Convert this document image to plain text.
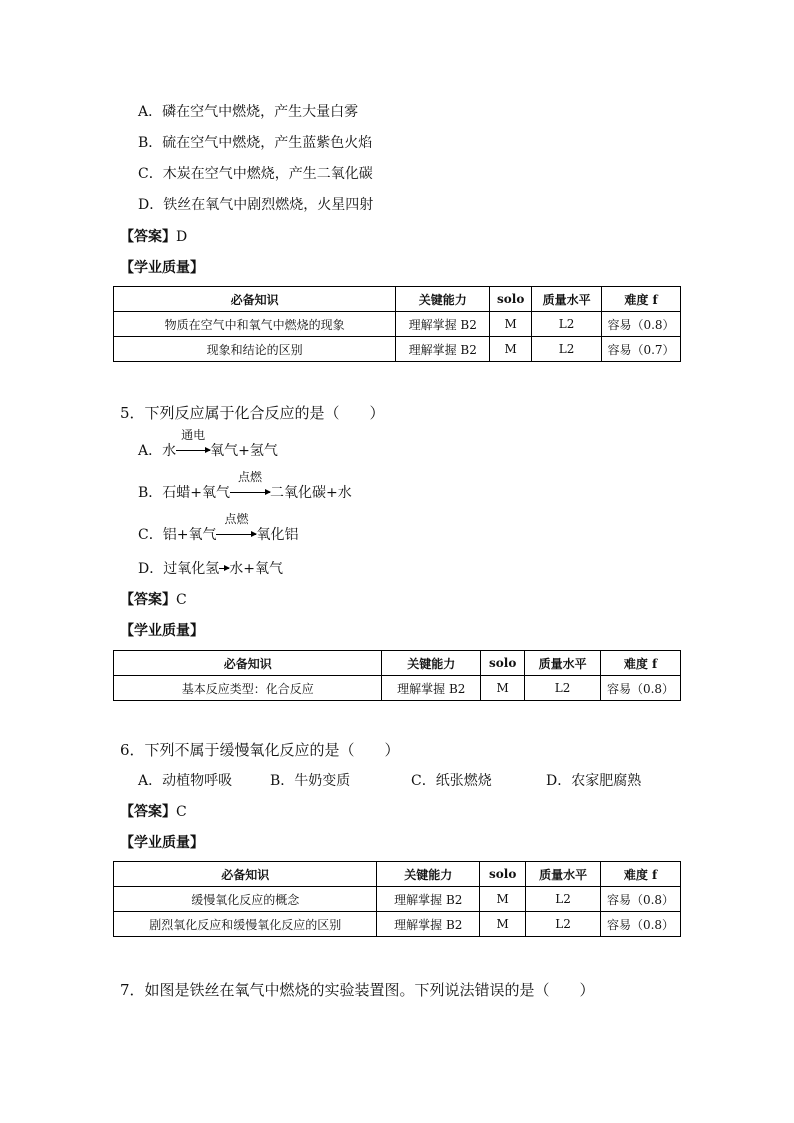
A．磷在空气中燃烧，产生大量白雾
B．硫在空气中燃烧，产生蓝紫色火焰
C．木炭在空气中燃烧，产生二氧化碳
D．铁丝在氧气中剧烈燃烧，火星四射
【答案】D
【学业质量】
必备知识	关键能力	solo	质量水平	难度 f
物质在空气中和氧气中燃烧的现象	理解掌握 B2	M	L2	容易（0.8）
现象和结论的区别	理解掌握 B2	M	L2	容易（0.7）
5．下列反应属于化合反应的是（　　）
A．水
通电
氧气+氢气
B．石蜡+氧气
点燃
二氧化碳+水
C．铝+氧气
点燃
氧化铝
D．过氧化氢 水+氧气
【答案】C
【学业质量】
必备知识	关键能力	solo	质量水平	难度 f
基本反应类型：化合反应	理解掌握 B2	M	L2	容易（0.8）
6．下列不属于缓慢氧化反应的是（　　）
A．动植物呼吸	B．牛奶变质	C．纸张燃烧	D．农家肥腐熟
【答案】C
【学业质量】
必备知识	关键能力	solo	质量水平	难度 f
缓慢氧化反应的概念	理解掌握 B2	M	L2	容易（0.8）
剧烈氧化反应和缓慢氧化反应的区别	理解掌握 B2	M	L2	容易（0.8）
7．如图是铁丝在氧气中燃烧的实验装置图。下列说法错误的是（　　）
